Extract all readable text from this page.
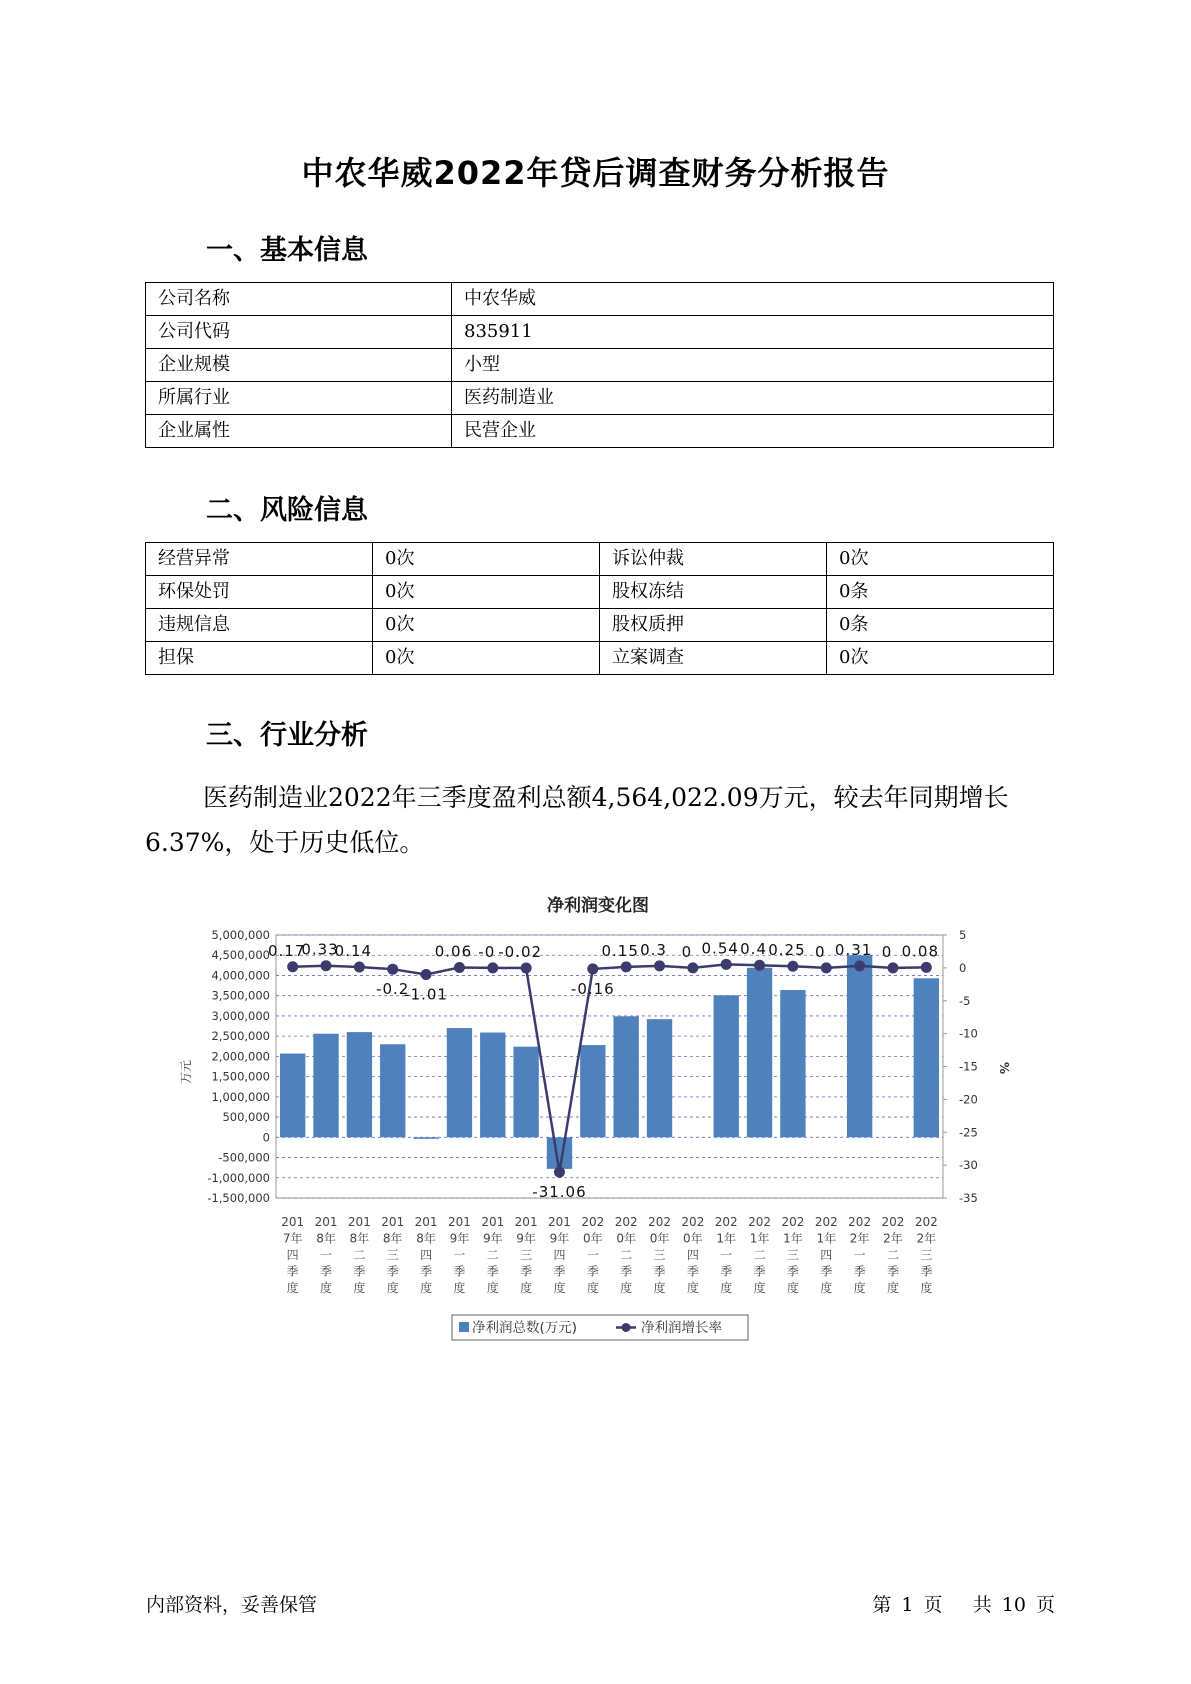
中农华威2022年贷后调查财务分析报告
一、基本信息
公司名称	中农华威
公司代码	835911
企业规模	小型
所属行业	医药制造业
企业属性	民营企业
二、风险信息
经营异常	0次	诉讼仲裁	0次
环保处罚	0次	股权冻结	0条
违规信息	0次	股权质押	0条
担保	0次	立案调查	0次
三、行业分析
医药制造业2022年三季度盈利总额4,564,022.09万元，较去年同期增长6.37%，处于历史低位。
净利润变化图
5,000,000
4,500,000
4,000,000
3,500,000
3,000,000
2,500,000
2,000,000
1,500,000
1,000,000
500,000
0
-500,000
-1,000,000
-1,500,000
5
0
-5
-10
-15
-20
-25
-30
-35
万元	%
0.17
0.33
0.14
-0.2
-1.01
0.06 -0 -0.02
-31.06
-0.16
0.15 0.3 0 0.54 0.4 0.25 0 0.31 0 0.08
201
7年
四
季
度
201
8年
一
季
度
201
8年
二
季
度
201
8年
三
季
度
201
8年
四
季
度
201
9年
一
季
度
201
9年
二
季
度
201
9年
三
季
度
201
9年
四
季
度
202
0年
一
季
度
202
0年
二
季
度
202
0年
三
季
度
202
0年
四
季
度
202
1年
一
季
度
202
1年
二
季
度
202
1年
三
季
度
202
1年
四
季
度
202
2年
一
季
度
202
2年
二
季
度
202
2年
三
季
度
净利润总数(万元)	净利润增长率
内部资料，妥善保管	第 1 页 共 10 页
